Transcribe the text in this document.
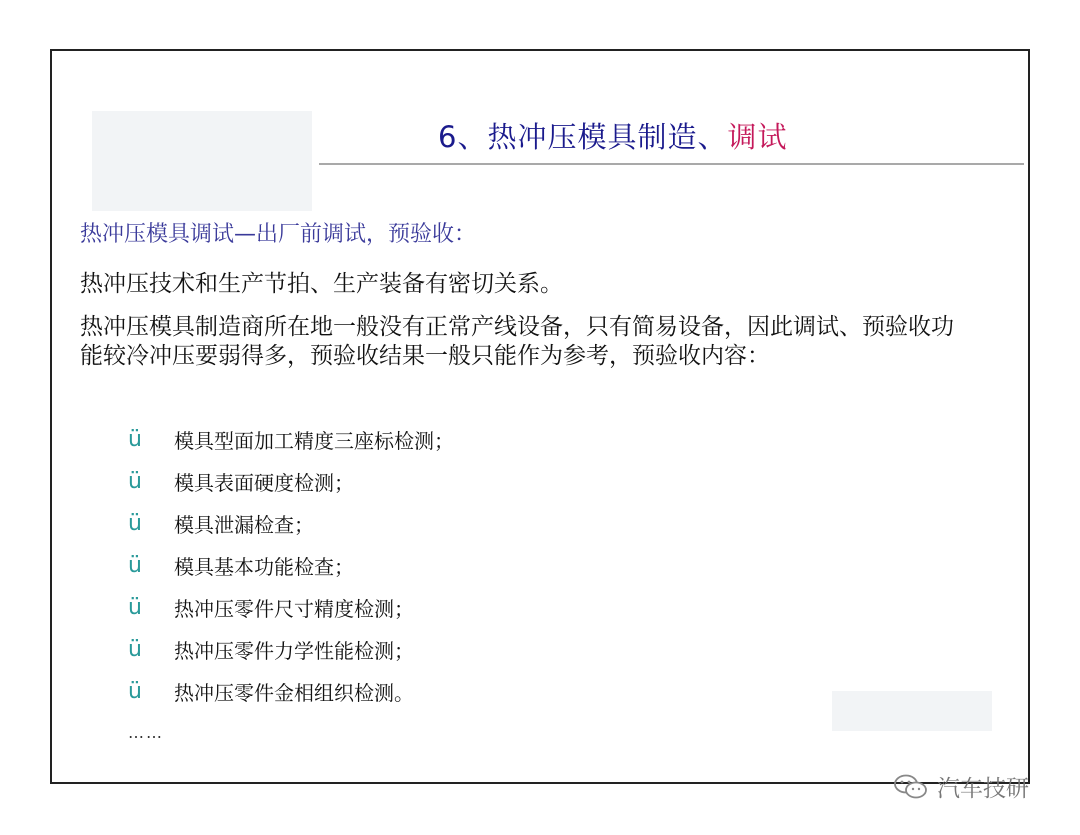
6、热冲压模具制造、调试
热冲压模具调试—出厂前调试，预验收：
热冲压技术和生产节拍、生产装备有密切关系。
热冲压模具制造商所在地一般没有正常产线设备，只有简易设备，因此调试、预验收功能较冷冲压要弱得多，预验收结果一般只能作为参考，预验收内容：
ü	模具型面加工精度三座标检测；
ü	模具表面硬度检测；
ü	模具泄漏检查；
ü	模具基本功能检查；
ü	热冲压零件尺寸精度检测；
ü	热冲压零件力学性能检测；
ü	热冲压零件金相组织检测。
……
汽车技研
